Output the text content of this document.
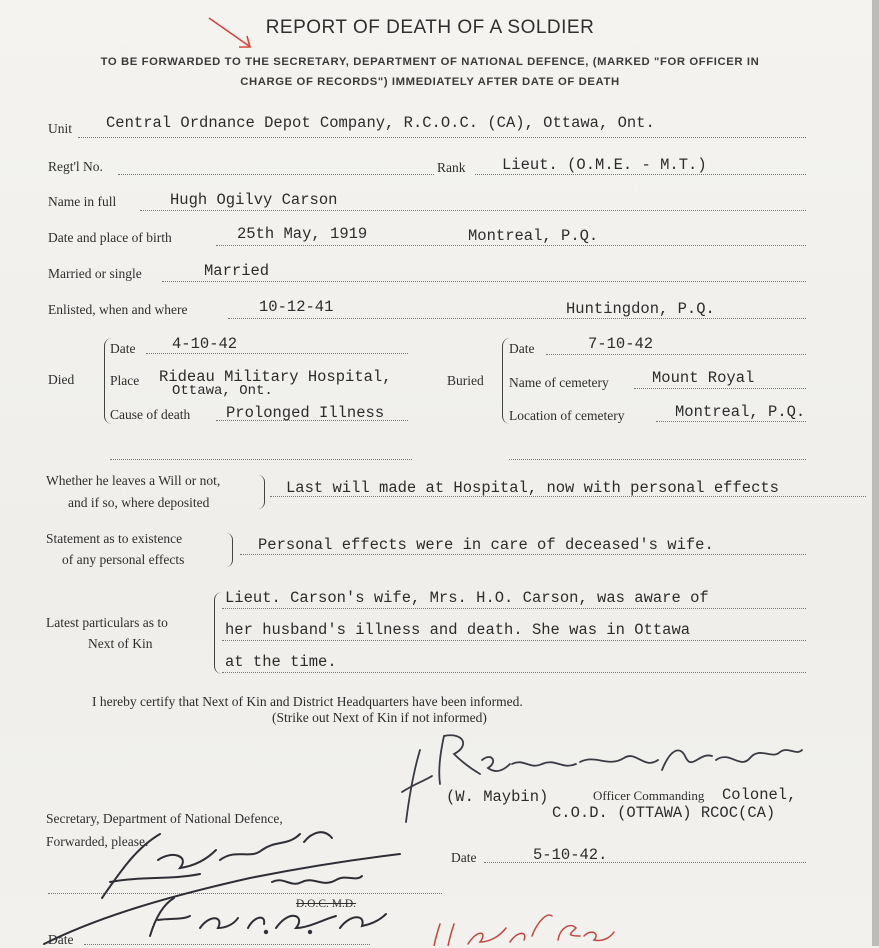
REPORT OF DEATH OF A SOLDIER
TO BE FORWARDED TO THE SECRETARY, DEPARTMENT OF NATIONAL DEFENCE, (MARKED "FOR OFFICER IN
CHARGE OF RECORDS") IMMEDIATELY AFTER DATE OF DEATH
Unit Central Ordnance Depot Company, R.C.O.C. (CA), Ottawa, Ont.
Regt'l No.	Rank Lieut. (O.M.E. - M.T.)
Name in full	Hugh Ogilvy Carson
Date and place of birth	25th May, 1919	Montreal, P.Q.
Married or single	Married
Enlisted, when and where	10-12-41	Huntingdon, P.Q.
Died
Date 4-10-42
Place Rideau Military Hospital,
Ottawa, Ont.
Cause of death Prolonged Illness
Buried
Date	7-10-42
Name of cemetery	Mount Royal
Location of cemetery	Montreal, P.Q.
Whether he leaves a Will or not,
and if so, where deposited
Last will made at Hospital, now with personal effects
Statement as to existence
of any personal effects
Personal effects were in care of deceased's wife.
Latest particulars as to
Next of Kin
Lieut. Carson's wife, Mrs. H.O. Carson, was aware of
her husband's illness and death. She was in Ottawa
at the time.
I hereby certify that Next of Kin and District Headquarters have been informed.
(Strike out Next of Kin if not informed)
(W. Maybin)	Officer Commanding Colonel,
C.O.D. (OTTAWA) RCOC(CA)
Date	5-10-42.
Secretary, Department of National Defence,
Forwarded, please.
D.O.C. M.D.
Date
